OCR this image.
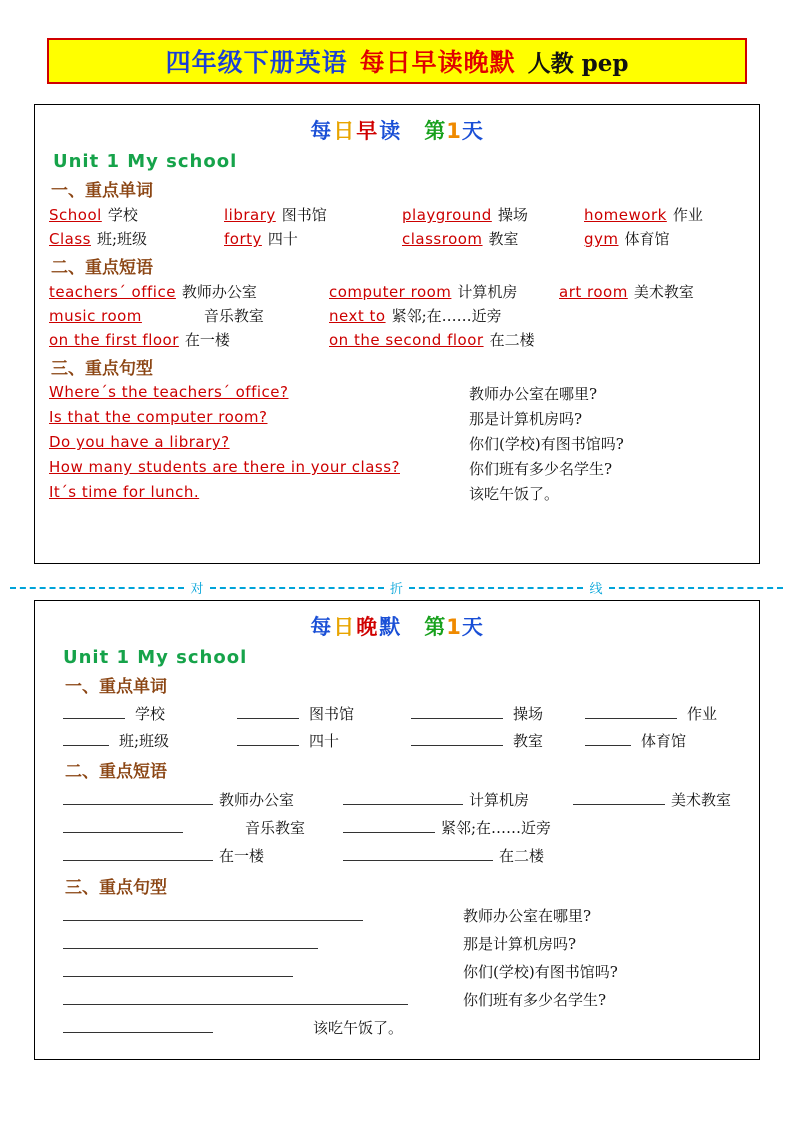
四年级下册英语 每日早读晚默 人教 pep
每日早读 第1天
Unit 1 My school
一、重点单词
School 学校	library 图书馆	playground 操场	homework 作业
Class 班;班级	forty 四十	classroom 教室	gym 体育馆
二、重点短语
teachers´ office 教师办公室	computer room 计算机房	art room 美术教室
music room	音乐教室	next to 紧邻;在……近旁
on the first floor 在一楼	on the second floor 在二楼
三、重点句型
Where´s the teachers´ office?	教师办公室在哪里?
Is that the computer room?	那是计算机房吗?
Do you have a library?	你们(学校)有图书馆吗?
How many students are there in your class?	你们班有多少名学生?
It´s time for lunch.	该吃午饭了。
对	折	线
每日晚默 第1天
Unit 1 My school
一、重点单词
学校	图书馆	操场	作业
班;班级	四十	教室	体育馆
二、重点短语
教师办公室	计算机房	美术教室
音乐教室	紧邻;在……近旁
在一楼	在二楼
三、重点句型
教师办公室在哪里?
那是计算机房吗?
你们(学校)有图书馆吗?
你们班有多少名学生?
该吃午饭了。
